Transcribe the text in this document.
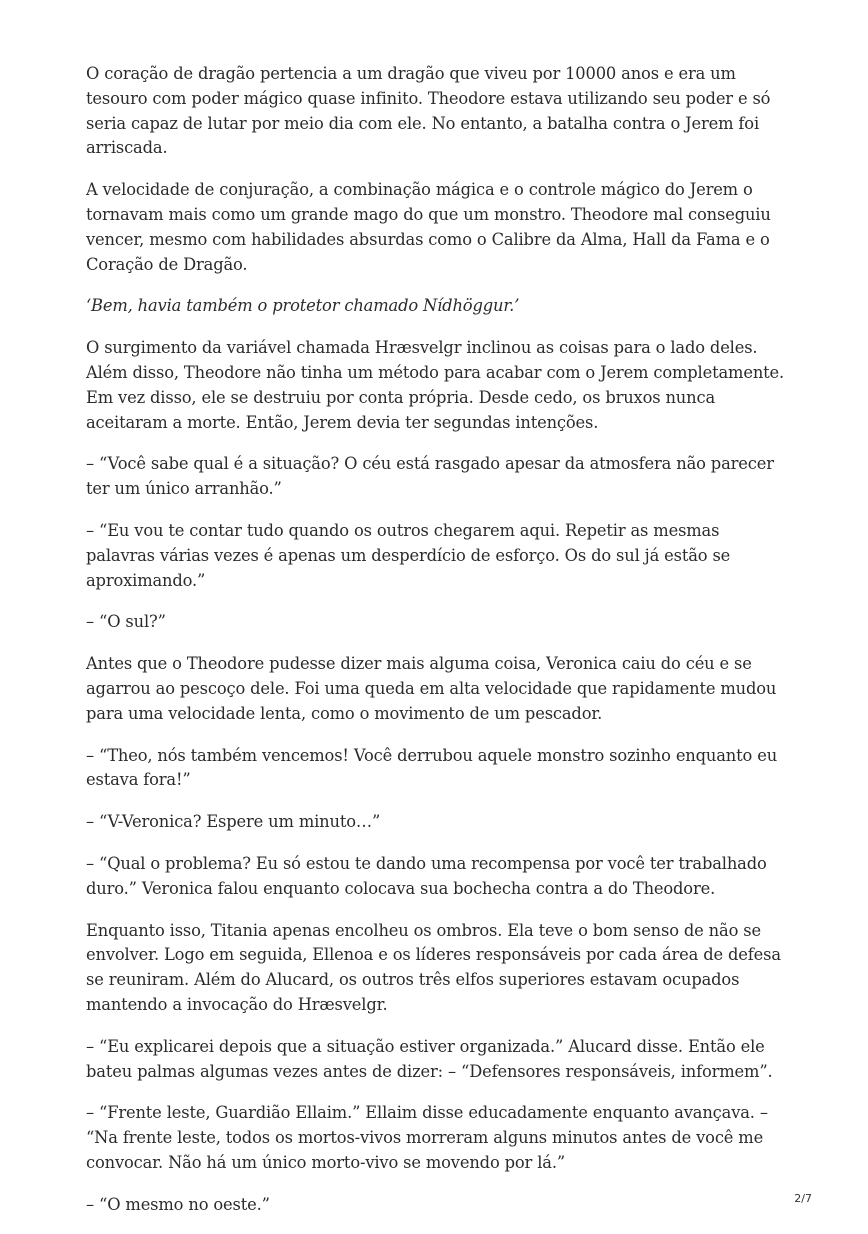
O coração de dragão pertencia a um dragão que viveu por 10000 anos e era um tesouro com poder mágico quase infinito. Theodore estava utilizando seu poder e só seria capaz de lutar por meio dia com ele. No entanto, a batalha contra o Jerem foi arriscada.

A velocidade de conjuração, a combinação mágica e o controle mágico do Jerem o tornavam mais como um grande mago do que um monstro. Theodore mal conseguiu vencer, mesmo com habilidades absurdas como o Calibre da Alma, Hall da Fama e o Coração de Dragão.

‘Bem, havia também o protetor chamado Nídhöggur.’

O surgimento da variável chamada Hræsvelgr inclinou as coisas para o lado deles. Além disso, Theodore não tinha um método para acabar com o Jerem completamente. Em vez disso, ele se destruiu por conta própria. Desde cedo, os bruxos nunca aceitaram a morte. Então, Jerem devia ter segundas intenções.

– “Você sabe qual é a situação? O céu está rasgado apesar da atmosfera não parecer ter um único arranhão.”

– “Eu vou te contar tudo quando os outros chegarem aqui. Repetir as mesmas palavras várias vezes é apenas um desperdício de esforço. Os do sul já estão se aproximando.”

– “O sul?”

Antes que o Theodore pudesse dizer mais alguma coisa, Veronica caiu do céu e se agarrou ao pescoço dele. Foi uma queda em alta velocidade que rapidamente mudou para uma velocidade lenta, como o movimento de um pescador.

– “Theo, nós também vencemos! Você derrubou aquele monstro sozinho enquanto eu estava fora!”

– “V-Veronica? Espere um minuto…”

– “Qual o problema? Eu só estou te dando uma recompensa por você ter trabalhado duro.” Veronica falou enquanto colocava sua bochecha contra a do Theodore.

Enquanto isso, Titania apenas encolheu os ombros. Ela teve o bom senso de não se envolver. Logo em seguida, Ellenoa e os líderes responsáveis por cada área de defesa se reuniram. Além do Alucard, os outros três elfos superiores estavam ocupados mantendo a invocação do Hræsvelgr.

– “Eu explicarei depois que a situação estiver organizada.” Alucard disse. Então ele bateu palmas algumas vezes antes de dizer: – “Defensores responsáveis, informem”.

– “Frente leste, Guardião Ellaim.” Ellaim disse educadamente enquanto avançava. – “Na frente leste, todos os mortos-vivos morreram alguns minutos antes de você me convocar. Não há um único morto-vivo se movendo por lá.”

– “O mesmo no oeste.”	2/7
